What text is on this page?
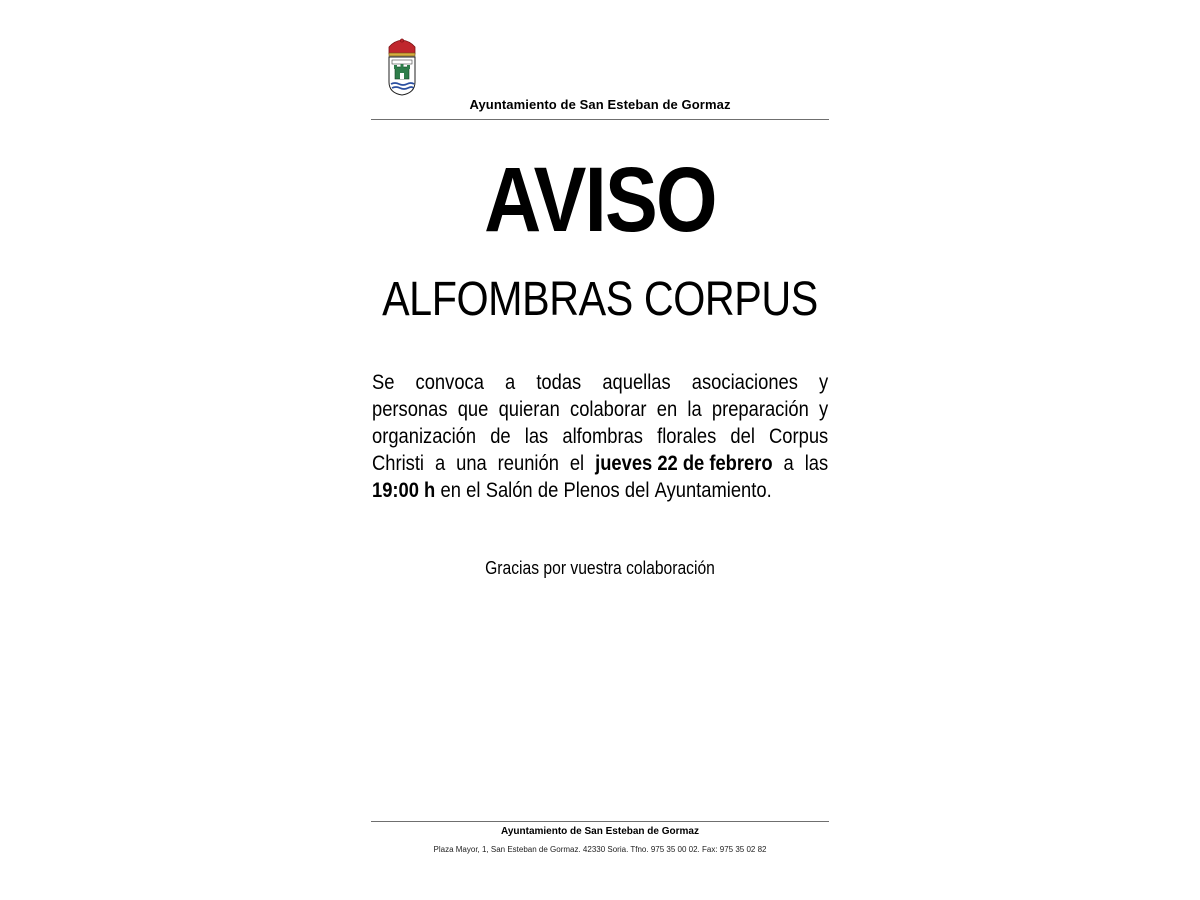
Ayuntamiento de San Esteban de Gormaz
AVISO
ALFOMBRAS CORPUS
Se convoca a todas aquellas asociaciones y
personas que quieran colaborar en la preparación y
organización de las alfombras florales del Corpus
Christi a una reunión el jueves 22 de febrero a las
19:00 h en el Salón de Plenos del Ayuntamiento.
Gracias por vuestra colaboración
Ayuntamiento de San Esteban de Gormaz
Plaza Mayor, 1, San Esteban de Gormaz. 42330 Soria. Tfno. 975 35 00 02. Fax: 975 35 02 82
